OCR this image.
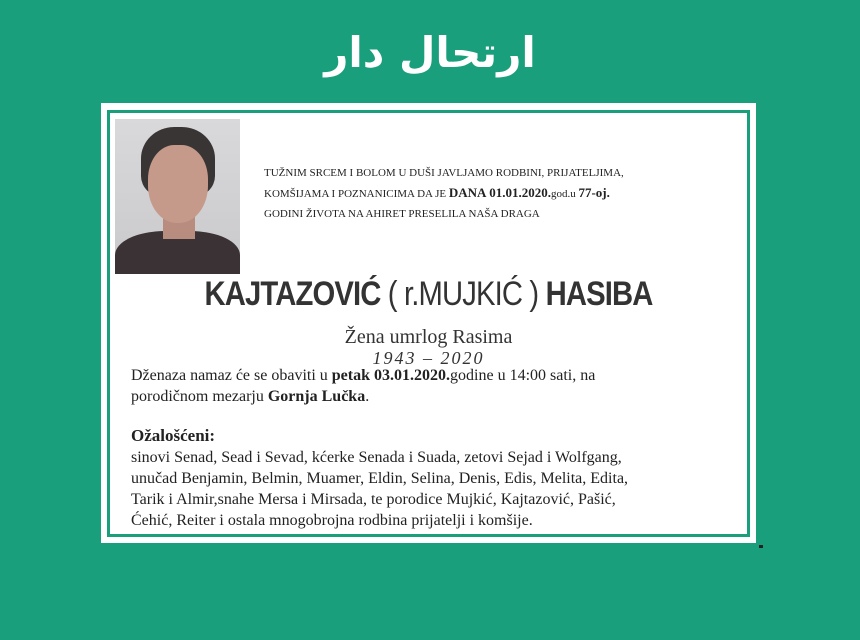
ارتحال دار
TUŽNIM SRCEM I BOLOM U DUŠI JAVLJAMO RODBINI, PRIJATELJIMA,
KOMŠIJAMA I POZNANICIMA DA JE DANA 01.01.2020.god.u 77-oj.
GODINI ŽIVOTA NA AHIRET PRESELILA NAŠA DRAGA
KAJTAZOVIĆ ( r.MUJKIĆ ) HASIBA
Žena umrlog Rasima
1943 – 2020
Dženaza namaz će se obaviti u petak 03.01.2020.godine u 14:00 sati, na
porodičnom mezarju Gornja Lučka.
Ožalošćeni:
sinovi Senad, Sead i Sevad, kćerke Senada i Suada, zetovi Sejad i Wolfgang,
unučad Benjamin, Belmin, Muamer, Eldin, Selina, Denis, Edis, Melita, Edita,
Tarik i Almir,snahe Mersa i Mirsada, te porodice Mujkić, Kajtazović, Pašić,
Ćehić, Reiter i ostala mnogobrojna rodbina prijatelji i komšije.
